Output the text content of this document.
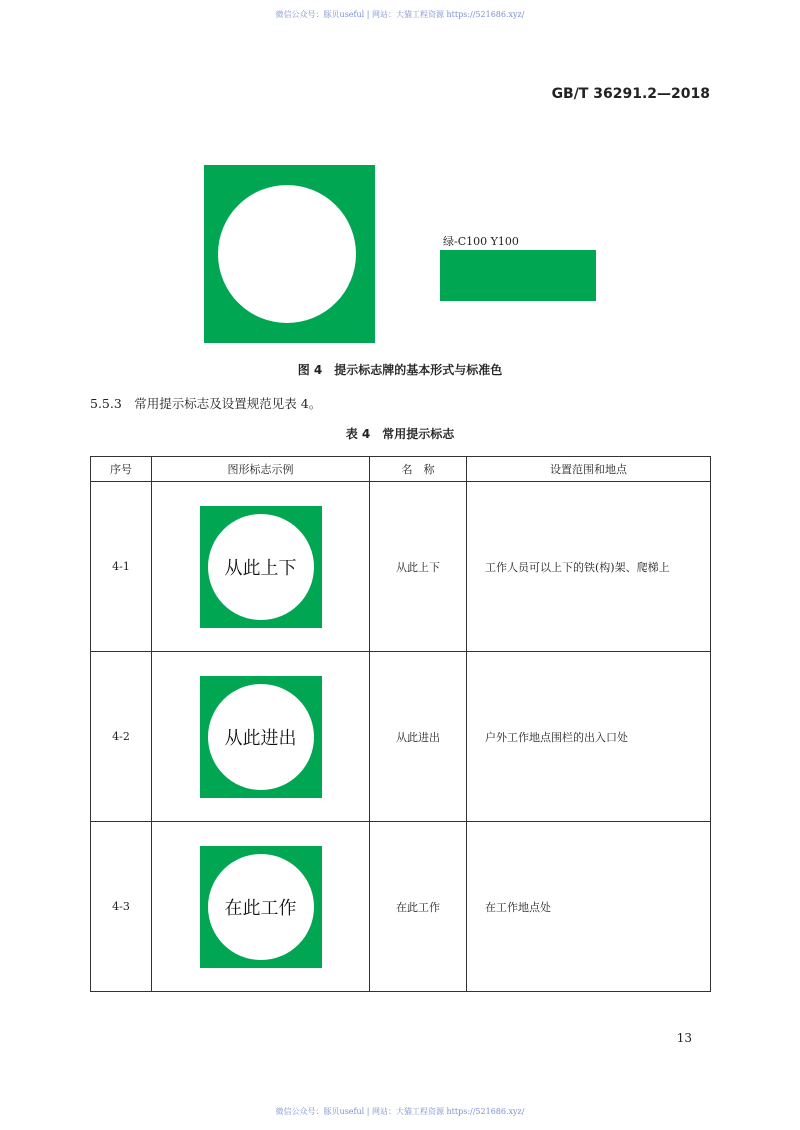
微信公众号：豚贝useful | 网站：大猫工程资源 https://521686.xyz/
GB/T 36291.2—2018
绿-C100 Y100
图 4　提示标志牌的基本形式与标准色
5.5.3　常用提示标志及设置规范见表 4。
表 4　常用提示标志
序号	图形标志示例	名　称	设置范围和地点
4-1	从此上下	从此上下	工作人员可以上下的铁(构)架、爬梯上
4-2	从此进出	从此进出	户外工作地点围栏的出入口处
4-3	在此工作	在此工作	在工作地点处
13
微信公众号：豚贝useful | 网站：大猫工程资源 https://521686.xyz/
